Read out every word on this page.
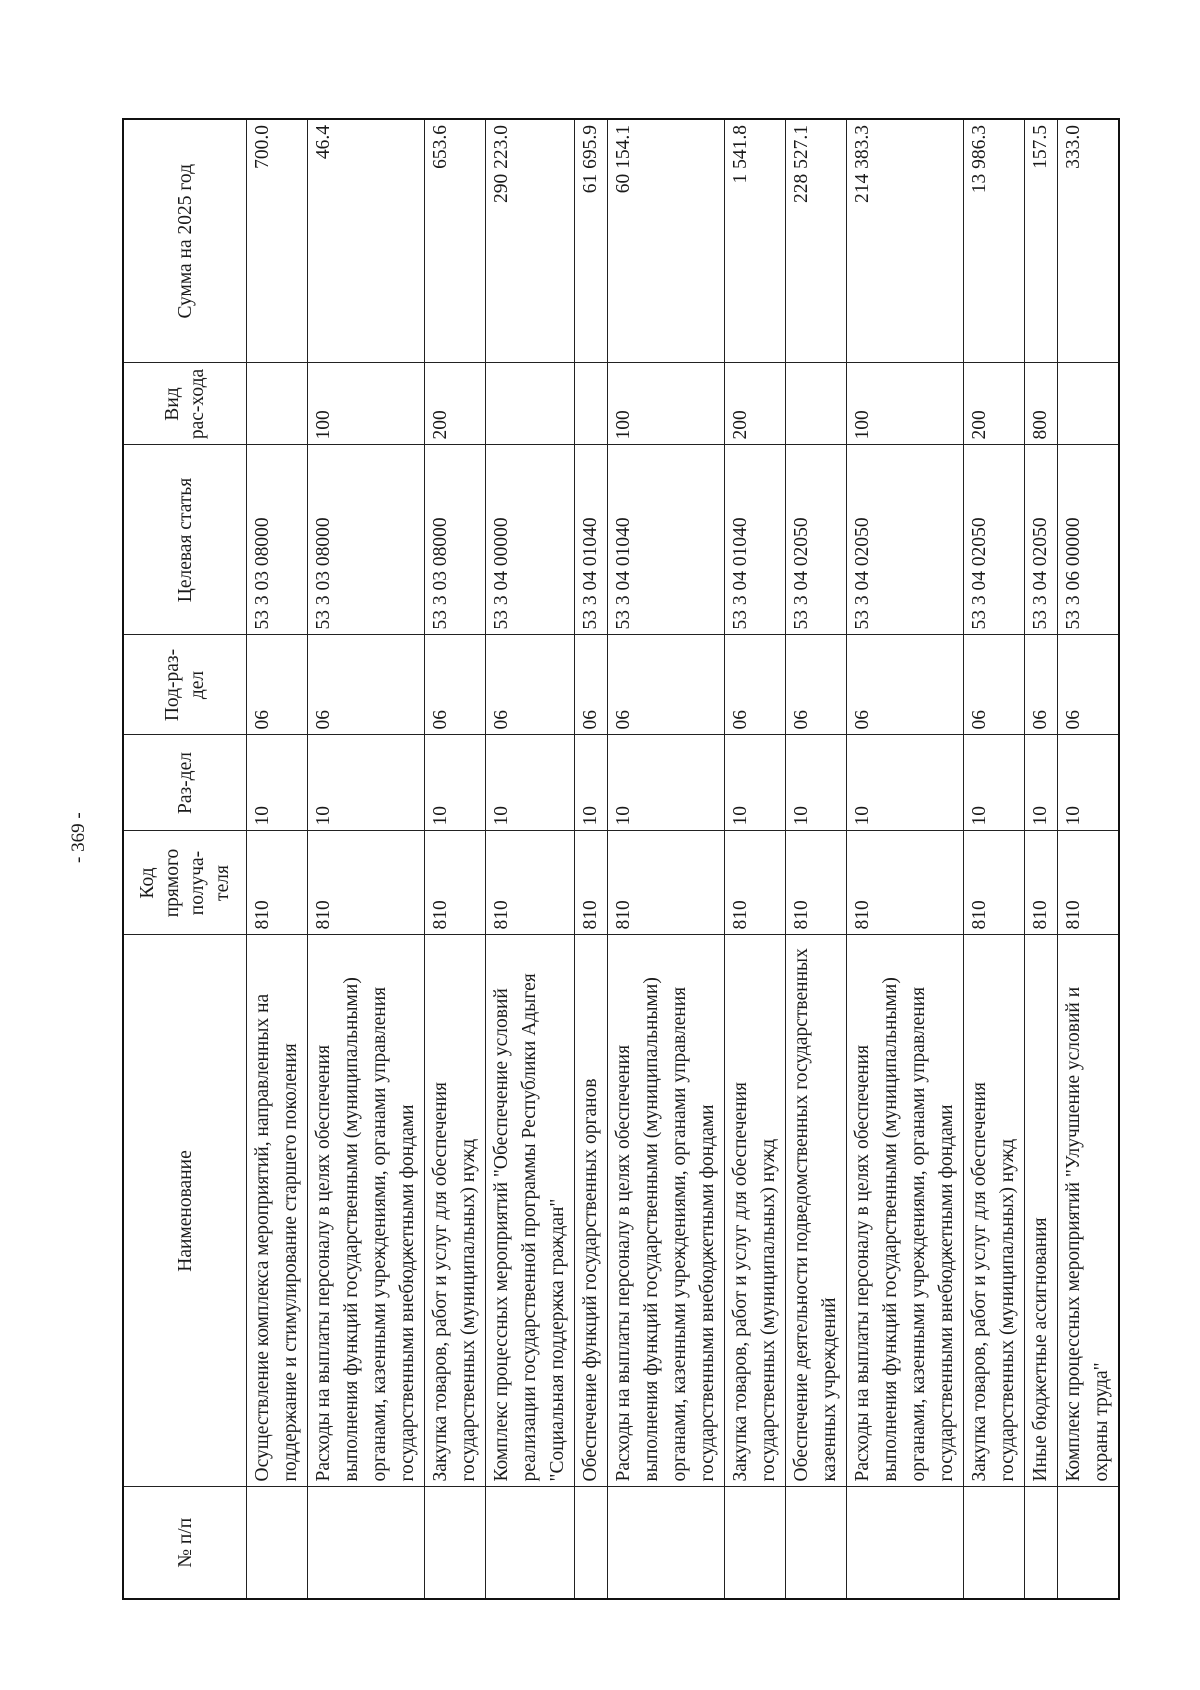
- 369 -
№ п/п	Наименование	Код прямого получа-теля	Раз-дел	Под-раз-дел	Целевая статья	Вид рас-хода	Сумма на 2025 год
	Осуществление комплекса мероприятий, направленных на поддержание и стимулирование старшего поколения	810	10	06	53 3 03 08000		700.0
	Расходы на выплаты персоналу в целях обеспечения выполнения функций государственными (муниципальными) органами, казенными учреждениями, органами управления государственными внебюджетными фондами	810	10	06	53 3 03 08000	100	46.4
	Закупка товаров, работ и услуг для обеспечения государственных (муниципальных) нужд	810	10	06	53 3 03 08000	200	653.6
	Комплекс процессных мероприятий "Обеспечение условий реализации государственной программы Республики Адыгея "Социальная поддержка граждан"	810	10	06	53 3 04 00000		290 223.0
	Обеспечение функций государственных органов	810	10	06	53 3 04 01040		61 695.9
	Расходы на выплаты персоналу в целях обеспечения выполнения функций государственными (муниципальными) органами, казенными учреждениями, органами управления государственными внебюджетными фондами	810	10	06	53 3 04 01040	100	60 154.1
	Закупка товаров, работ и услуг для обеспечения государственных (муниципальных) нужд	810	10	06	53 3 04 01040	200	1 541.8
	Обеспечение деятельности подведомственных государственных казенных учреждений	810	10	06	53 3 04 02050		228 527.1
	Расходы на выплаты персоналу в целях обеспечения выполнения функций государственными (муниципальными) органами, казенными учреждениями, органами управления государственными внебюджетными фондами	810	10	06	53 3 04 02050	100	214 383.3
	Закупка товаров, работ и услуг для обеспечения государственных (муниципальных) нужд	810	10	06	53 3 04 02050	200	13 986.3
	Иные бюджетные ассигнования	810	10	06	53 3 04 02050	800	157.5
	Комплекс процессных мероприятий "Улучшение условий и охраны труда"	810	10	06	53 3 06 00000		333.0
